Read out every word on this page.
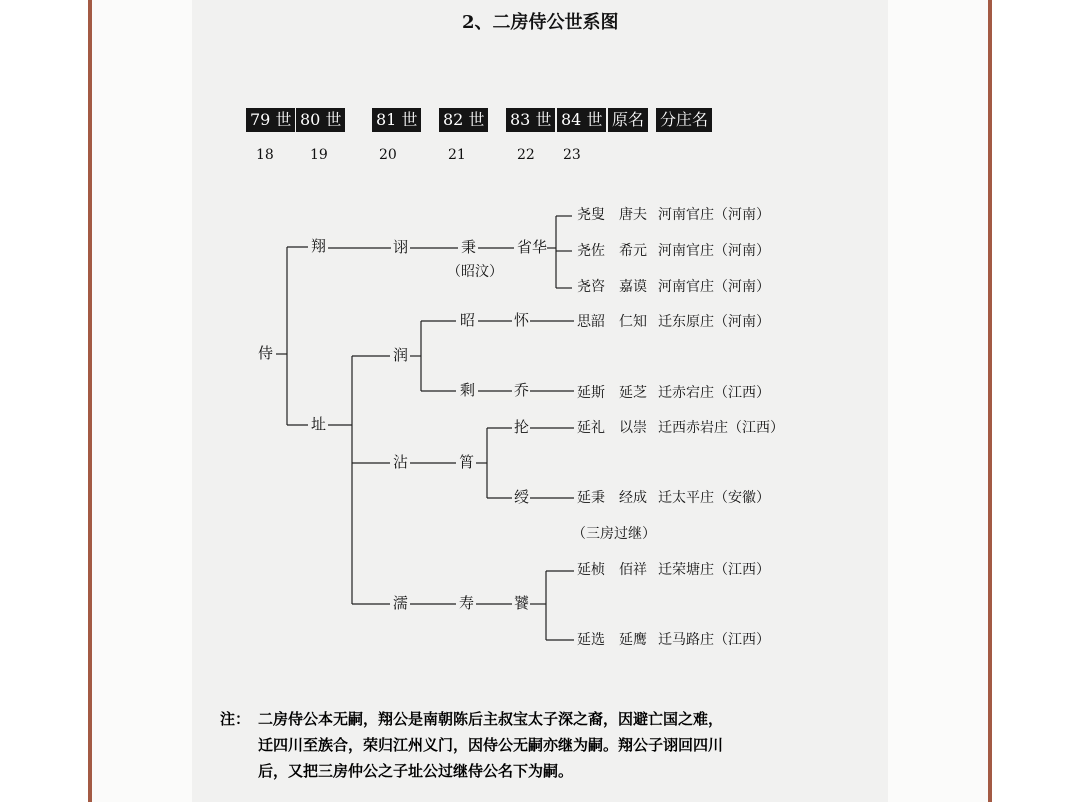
2、二房侍公世系图
79 世 80 世 81 世 82 世 83 世 84 世 原名 分庄名
18	19	20	21	22 23
侍
翔
址
诩
润
沾
濡
秉
（昭汶）
昭
剩
筲
寿
省华
怀
乔
抡
绶
饕
尧叟 唐夫 河南官庄（河南）
尧佐 希元 河南官庄（河南）
尧咨 嘉谟 河南官庄（河南）
思韶 仁知 迁东原庄（河南）
延斯 延芝 迁赤宕庄（江西）
延礼 以崇 迁西赤岩庄（江西）
延秉 经成 迁太平庄（安徽）
（三房过继）
延桢 佰祥 迁荣塘庄（江西）
延选 延鹰 迁马路庄（江西）
注： 二房侍公本无嗣，翔公是南朝陈后主叔宝太子深之裔，因避亡国之难，
迁四川至族合，荣归江州义门，因侍公无嗣亦继为嗣。翔公子诩回四川
后，又把三房仲公之子址公过继侍公名下为嗣。
